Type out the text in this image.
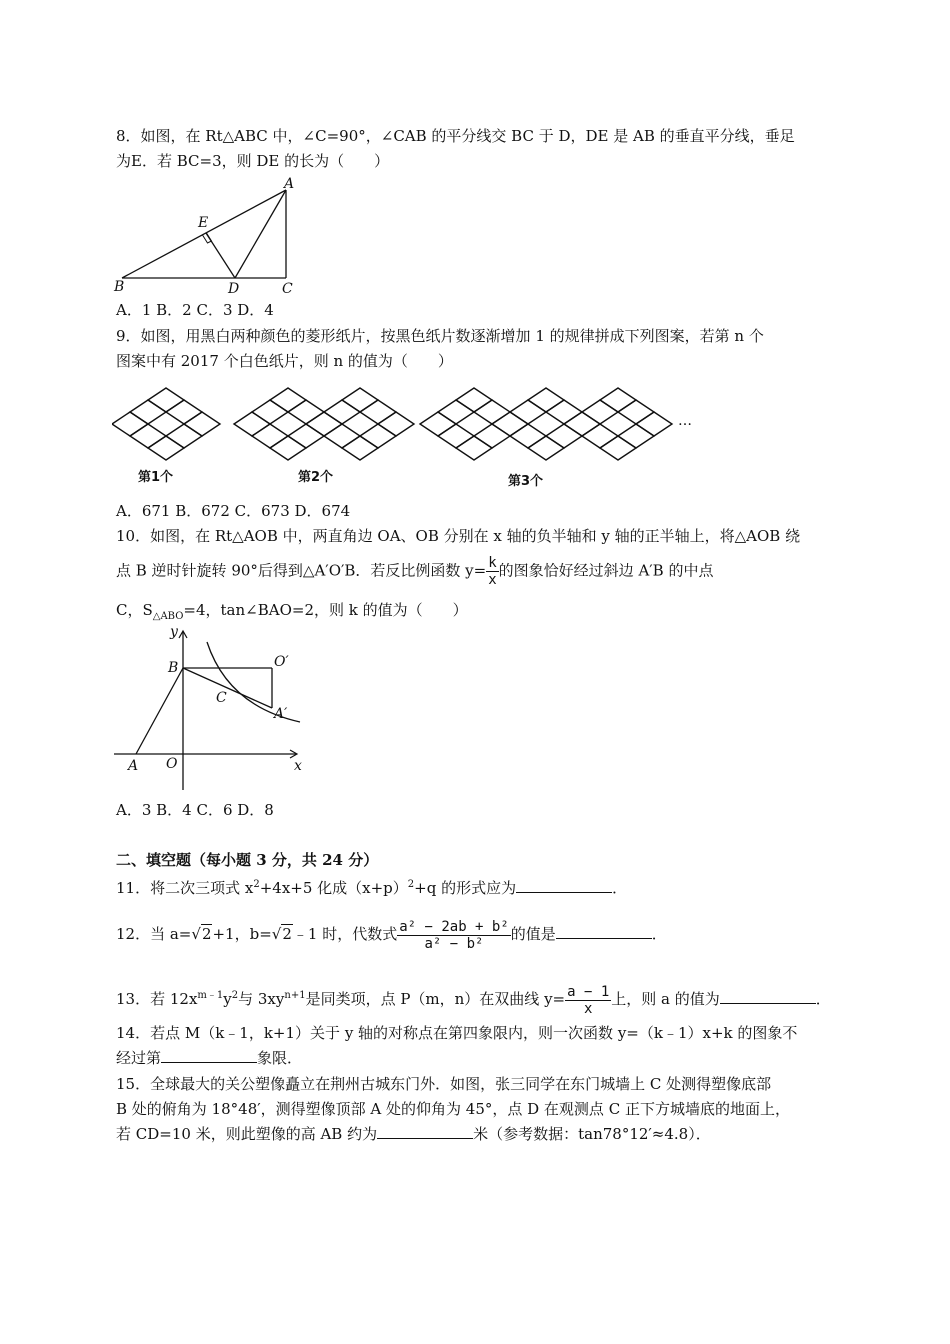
8．如图，在 Rt△ABC 中，∠C=90°，∠CAB 的平分线交 BC 于 D，DE 是 AB 的垂直平分线，垂足
为E．若 BC=3，则 DE 的长为（　　）
A
E
B	D	C
A．1 B．2 C．3 D．4
9．如图，用黑白两种颜色的菱形纸片，按黑色纸片数逐渐增加 1 的规律拼成下列图案，若第 n 个
图案中有 2017 个白色纸片，则 n 的值为（　　）
第1个	第2个	第3个
…
A．671 B．672 C．673 D．674
10．如图，在 Rt△AOB 中，两直角边 OA、OB 分别在 x 轴的负半轴和 y 轴的正半轴上，将△AOB 绕
点 B 逆时针旋转 90°后得到△A′O′B．若反比例函数 $y= \frac{k}{x}$ 的图象恰好经过斜边 A′B 的中点
C，$S_{\triangle ABO}=4$，tan∠BAO=2，则 k 的值为（　　）
y
x
B	O′
C
A′
A O
A．3 B．4 C．6 D．8
二、填空题（每小题 3 分，共 24 分）
11．将二次三项式 $x^2+4x+5$ 化成$(x+p)^2+q$ 的形式应为	．
12．当 a=√2+1，b=√2﹣1 时，代数式 $\frac{\text{a² − 2ab + b²}}{\text{a² − b²}}$ 的值是	．
13．若 $12x^{m﹣1}y^2$与 $3xy^{n+1}$是同类项，点 P（m，n）在双曲线 $y= \frac{a - 1}{x}$ 上，则 a 的值为	．
14．若点 M（k﹣1，k+1）关于 y 轴的对称点在第四象限内，则一次函数 y=（k﹣1）x+k 的图象不
经过第	象限．
15．全球最大的关公塑像矗立在荆州古城东门外．如图，张三同学在东门城墙上 C 处测得塑像底部
B 处的俯角为 18°48′，测得塑像顶部 A 处的仰角为 45°，点 D 在观测点 C 正下方城墙底的地面上，
若 CD=10 米，则此塑像的高 AB 约为	米（参考数据：tan78°12′≈4.8）．
